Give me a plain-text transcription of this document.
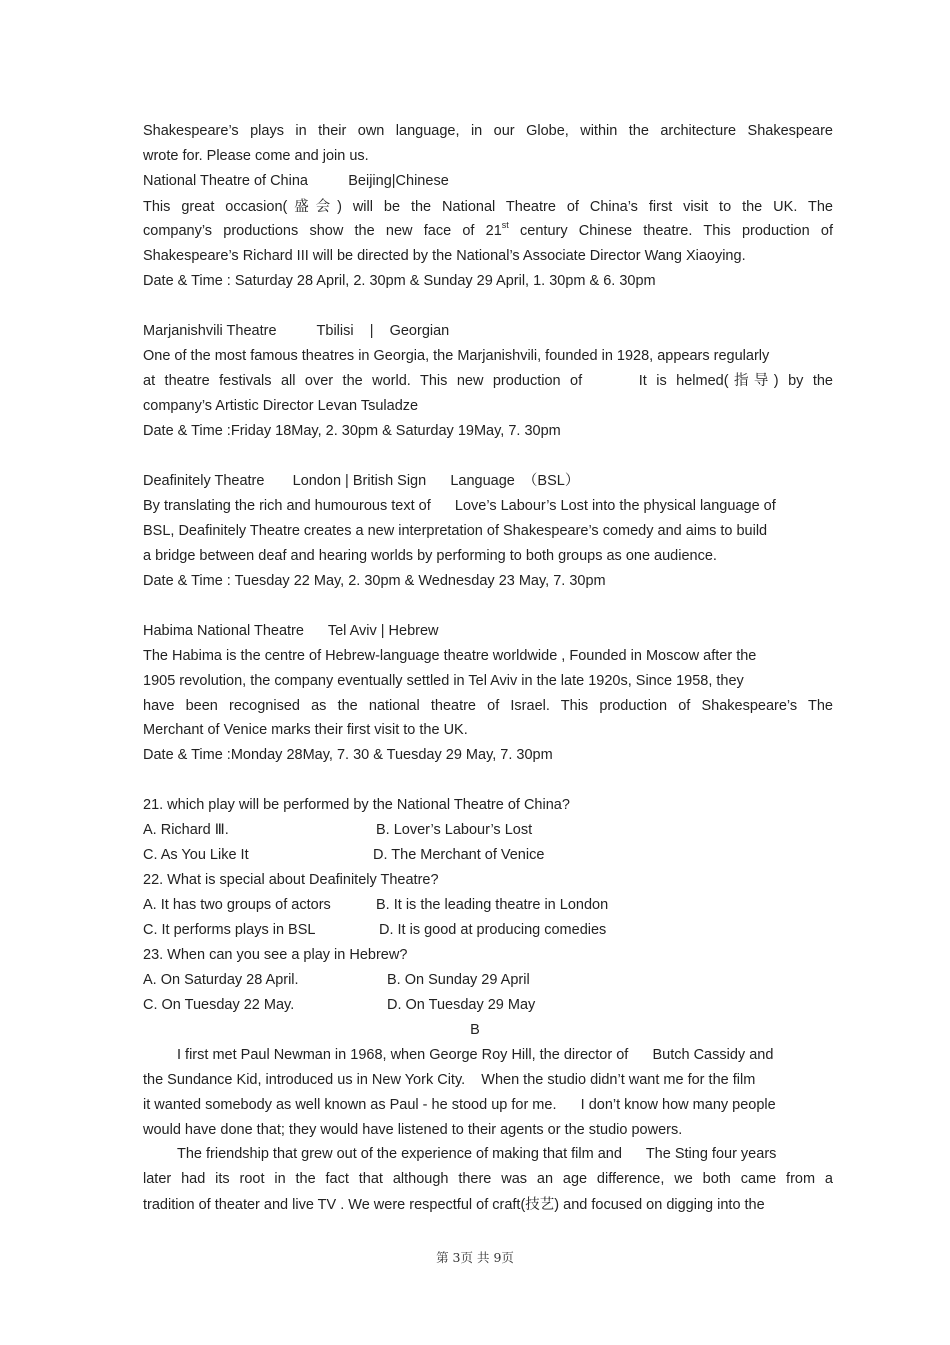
Shakespeare’s plays in their own language, in our Globe, within the architecture Shakespeare
wrote for. Please come and join us.
National Theatre of China          Beijing|Chinese
This great occasion(盛会) will be the National Theatre of China’s first visit to the UK. The
company’s productions show the new face of 21st century Chinese theatre. This production of
Shakespeare’s Richard III will be directed by the National’s Associate Director Wang Xiaoying.
Date & Time : Saturday 28 April, 2. 30pm & Sunday 29 April, 1. 30pm & 6. 30pm
Marjanishvili Theatre          Tbilisi    |    Georgian
One of the most famous theatres in Georgia, the Marjanishvili, founded in 1928, appears regularly
at theatre festivals all over the world. This new production of      It is helmed(指导) by the
company’s Artistic Director Levan Tsuladze
Date & Time :Friday 18May, 2. 30pm & Saturday 19May, 7. 30pm
Deafinitely Theatre       London | British Sign      Language  （BSL）
By translating the rich and humourous text of      Love’s Labour’s Lost into the physical language of
BSL, Deafinitely Theatre creates a new interpretation of Shakespeare’s comedy and aims to build
a bridge between deaf and hearing worlds by performing to both groups as one audience.
Date & Time : Tuesday 22 May, 2. 30pm & Wednesday 23 May, 7. 30pm
Habima National Theatre      Tel Aviv | Hebrew
The Habima is the centre of Hebrew-language theatre worldwide , Founded in Moscow after the
1905 revolution, the company eventually settled in Tel Aviv in the late 1920s, Since 1958, they
have been recognised as the national theatre of Israel. This production of Shakespeare’s The
Merchant of Venice marks their first visit to the UK.
Date & Time :Monday 28May, 7. 30 & Tuesday 29 May, 7. 30pm
21. which play will be performed by the National Theatre of China?
A. Richard Ⅲ.	B. Lover’s Labour’s Lost
C. As You Like It	D. The Merchant of Venice
22. What is special about Deafinitely Theatre?
A. It has two groups of actors	B. It is the leading theatre in London
C. It performs plays in BSL	D. It is good at producing comedies
23. When can you see a play in Hebrew?
A. On Saturday 28 April.	B. On Sunday 29 April
C. On Tuesday 22 May.	D. On Tuesday 29 May
B
I first met Paul Newman in 1968, when George Roy Hill, the director of      Butch Cassidy and
the Sundance Kid, introduced us in New York City.    When the studio didn’t want me for the film
it wanted somebody as well known as Paul - he stood up for me.      I don’t know how many people
would have done that; they would have listened to their agents or the studio powers.
The friendship that grew out of the experience of making that film and      The Sting four years
later had its root in the fact that although there was an age difference, we both came from a
tradition of theater and live TV . We were respectful of craft(技艺) and focused on digging into the
第 3页 共 9页
